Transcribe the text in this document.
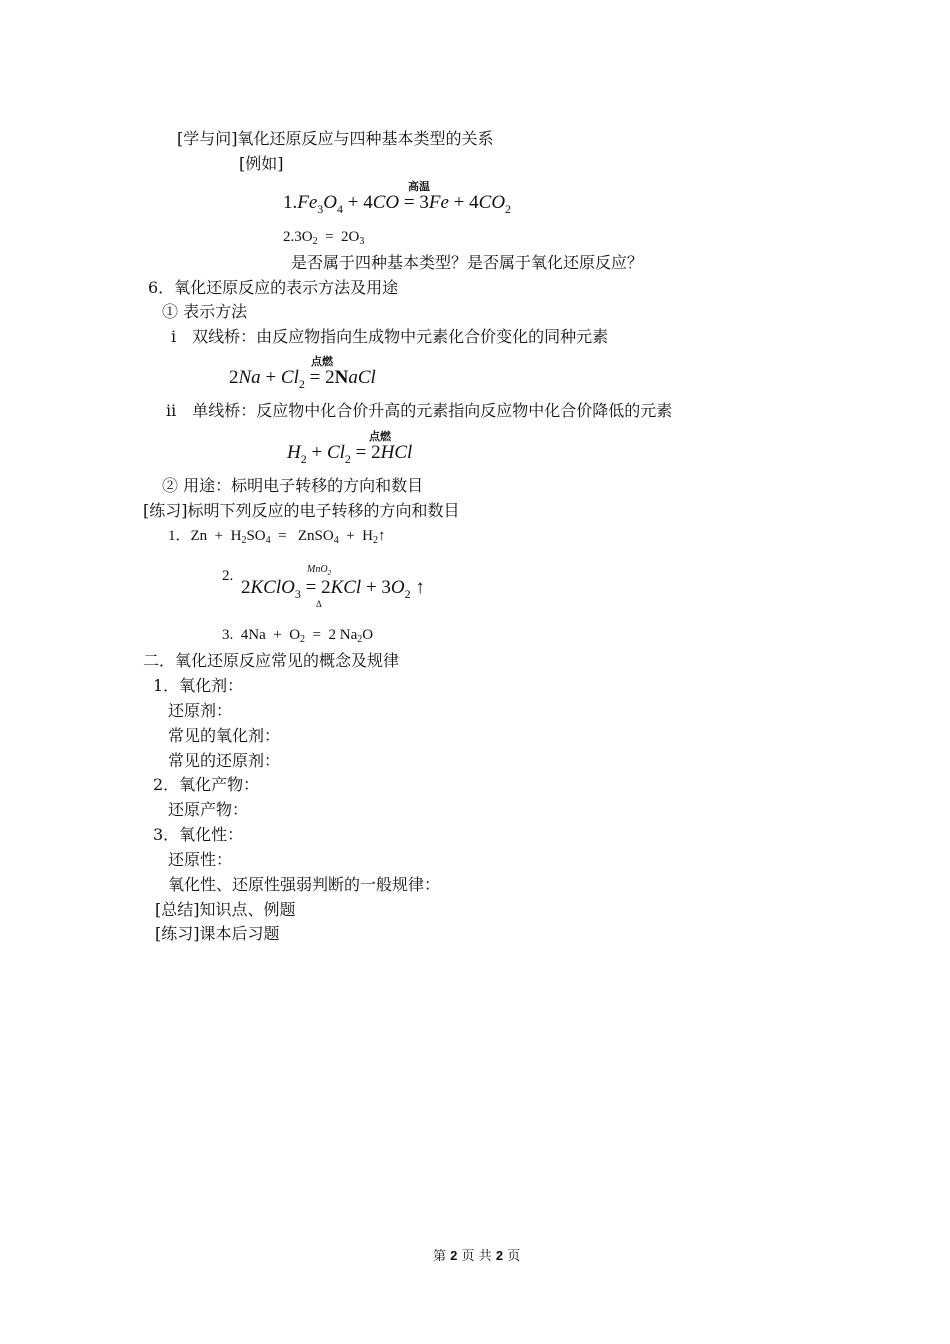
[学与问]氧化还原反应与四种基本类型的关系
[例如]
高温
$1.Fe_3O_4 + 4CO = 3Fe + 4CO_2$
$2.3O_2 = 2O_3$
是否属于四种基本类型？是否属于氧化还原反应？
6．氧化还原反应的表示方法及用途
① 表示方法
ⅰ　双线桥：由反应物指向生成物中元素化合价变化的同种元素
点燃
$2Na + Cl_2$ = 2NaCl
ⅱ　单线桥：反应物中化合价升高的元素指向反应物中化合价降低的元素
点燃
$H_2 + Cl_2 = 2HCl$
② 用途：标明电子转移的方向和数目
[练习]标明下列反应的电子转移的方向和数目
1．$Zn + H_2SO_4$  =   ZnSO$_4$  +  $H_2↑$
2.	MnO$_2$
2KClO$_3$ = $2KCl + 3O_2$ ↑
Δ
3.  $4Na + O_2 = 2$ $Na_2O$
二．氧化还原反应常见的概念及规律
1．氧化剂：
还原剂：
常见的氧化剂：
常见的还原剂：
2．氧化产物：
还原产物：
3．氧化性：
还原性：
氧化性、还原性强弱判断的一般规律：
[总结]知识点、例题
[练习]课本后习题
第 2 页 共 2 页
